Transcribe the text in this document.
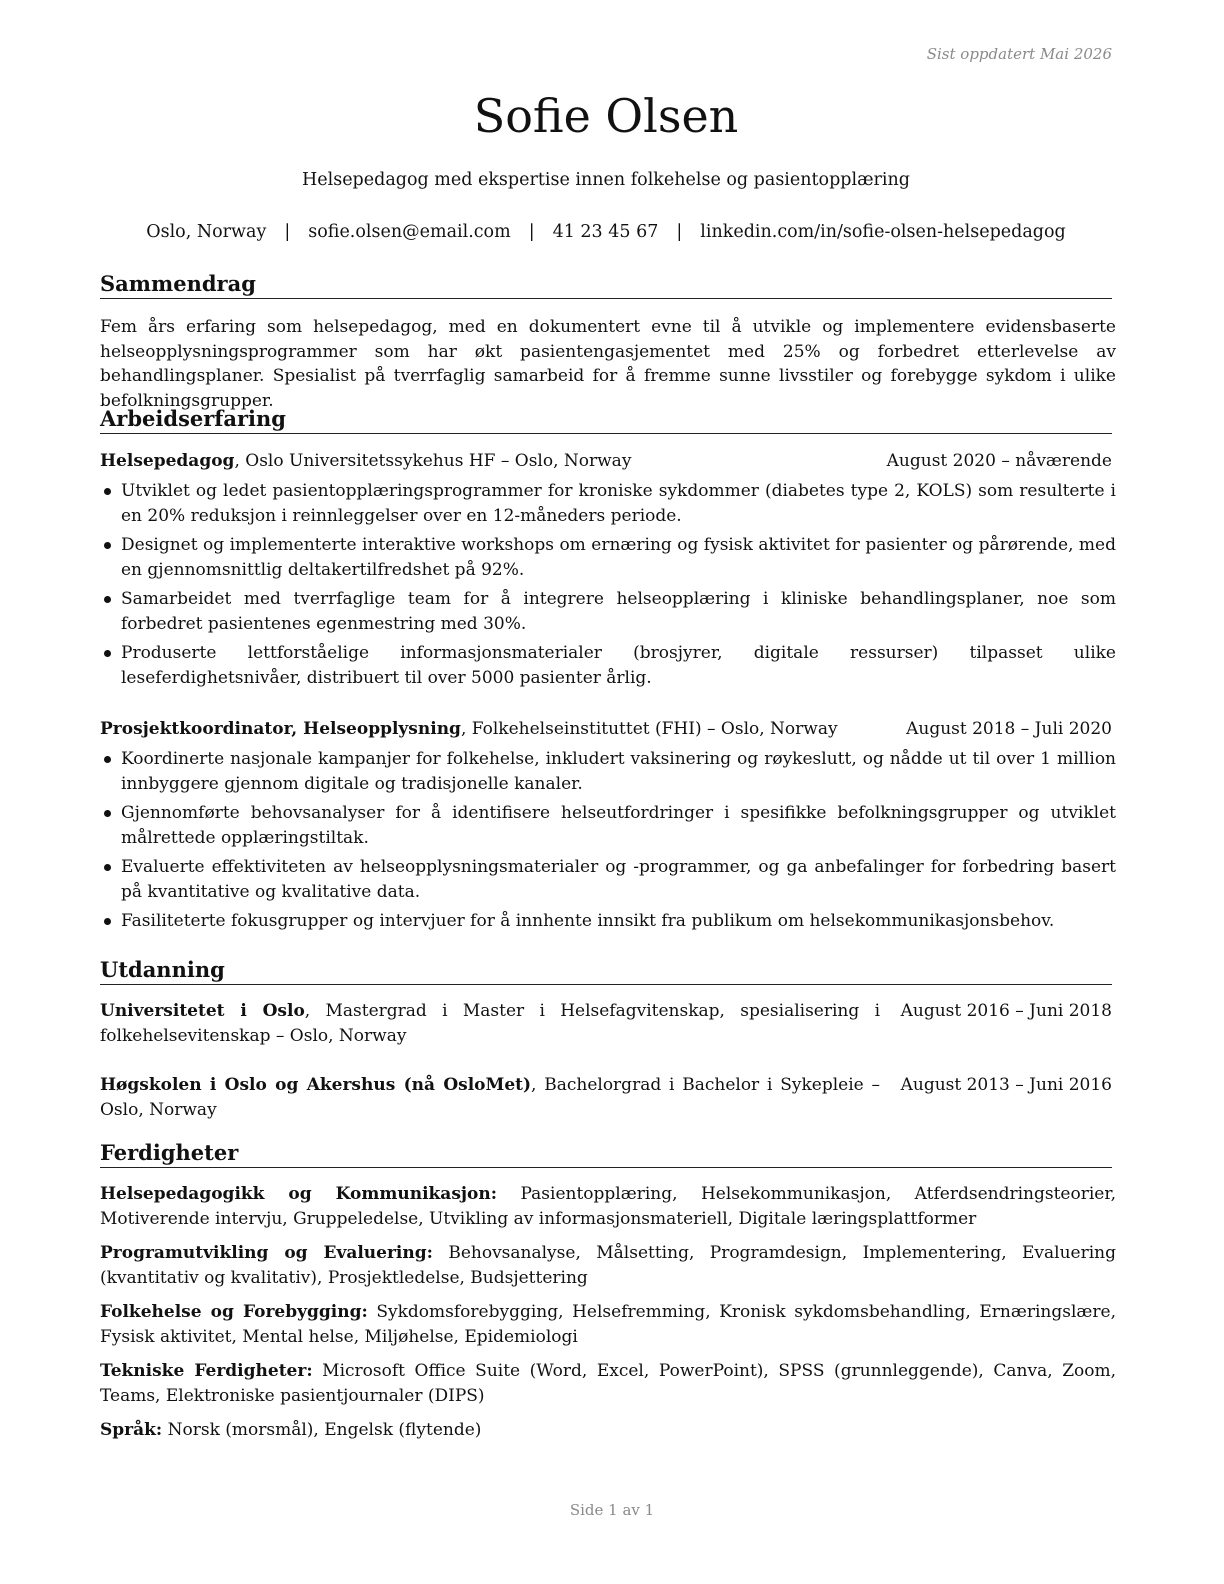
Sist oppdatert Mai 2026
Sofie Olsen
Helsepedagog med ekspertise innen folkehelse og pasientopplæring
Oslo, Norway	|	sofie.olsen@email.com	|	41 23 45 67	|	linkedin.com/in/sofie-olsen-helsepedagog
Sammendrag
Fem års erfaring som helsepedagog, med en dokumentert evne til å utvikle og implementere evidensbaserte helseopplysningsprogrammer som har økt pasientengasjementet med 25% og forbedret etterlevelse av behandlingsplaner. Spesialist på tverrfaglig samarbeid for å fremme sunne livsstiler og forebygge sykdom i ulike befolkningsgrupper.
Arbeidserfaring
Helsepedagog, Oslo Universitetssykehus HF – Oslo, Norway	August 2020 – nåværende
Utviklet og ledet pasientopplæringsprogrammer for kroniske sykdommer (diabetes type 2, KOLS) som resulterte i en 20% reduksjon i reinnleggelser over en 12-måneders periode.
Designet og implementerte interaktive workshops om ernæring og fysisk aktivitet for pasienter og pårørende, med en gjennomsnittlig deltakertilfredshet på 92%.
Samarbeidet med tverrfaglige team for å integrere helseopplæring i kliniske behandlingsplaner, noe som forbedret pasientenes egenmestring med 30%.
Produserte lettforståelige informasjonsmaterialer (brosjyrer, digitale ressurser) tilpasset ulike leseferdighetsnivåer, distribuert til over 5000 pasienter årlig.
Prosjektkoordinator, Helseopplysning, Folkehelseinstituttet (FHI) – Oslo, Norway	August 2018 – Juli 2020
Koordinerte nasjonale kampanjer for folkehelse, inkludert vaksinering og røykeslutt, og nådde ut til over 1 million innbyggere gjennom digitale og tradisjonelle kanaler.
Gjennomførte behovsanalyser for å identifisere helseutfordringer i spesifikke befolkningsgrupper og utviklet målrettede opplæringstiltak.
Evaluerte effektiviteten av helseopplysningsmaterialer og -programmer, og ga anbefalinger for forbedring basert på kvantitative og kvalitative data.
Fasiliteterte fokusgrupper og intervjuer for å innhente innsikt fra publikum om helsekommunikasjonsbehov.
Utdanning
Universitetet i Oslo, Mastergrad i Master i Helsefagvitenskap, spesialisering i folkehelsevitenskap – Oslo, Norway
August 2016 – Juni 2018
Høgskolen i Oslo og Akershus (nå OsloMet), Bachelorgrad i Bachelor i Sykepleie – Oslo, Norway
August 2013 – Juni 2016
Ferdigheter
Helsepedagogikk og Kommunikasjon: Pasientopplæring, Helsekommunikasjon, Atferdsendringsteorier, Motiverende intervju, Gruppeledelse, Utvikling av informasjonsmateriell, Digitale læringsplattformer
Programutvikling og Evaluering: Behovsanalyse, Målsetting, Programdesign, Implementering, Evaluering (kvantitativ og kvalitativ), Prosjektledelse, Budsjettering
Folkehelse og Forebygging: Sykdomsforebygging, Helsefremming, Kronisk sykdomsbehandling, Ernæringslære, Fysisk aktivitet, Mental helse, Miljøhelse, Epidemiologi
Tekniske Ferdigheter: Microsoft Office Suite (Word, Excel, PowerPoint), SPSS (grunnleggende), Canva, Zoom, Teams, Elektroniske pasientjournaler (DIPS)
Språk: Norsk (morsmål), Engelsk (flytende)
Side 1 av 1
